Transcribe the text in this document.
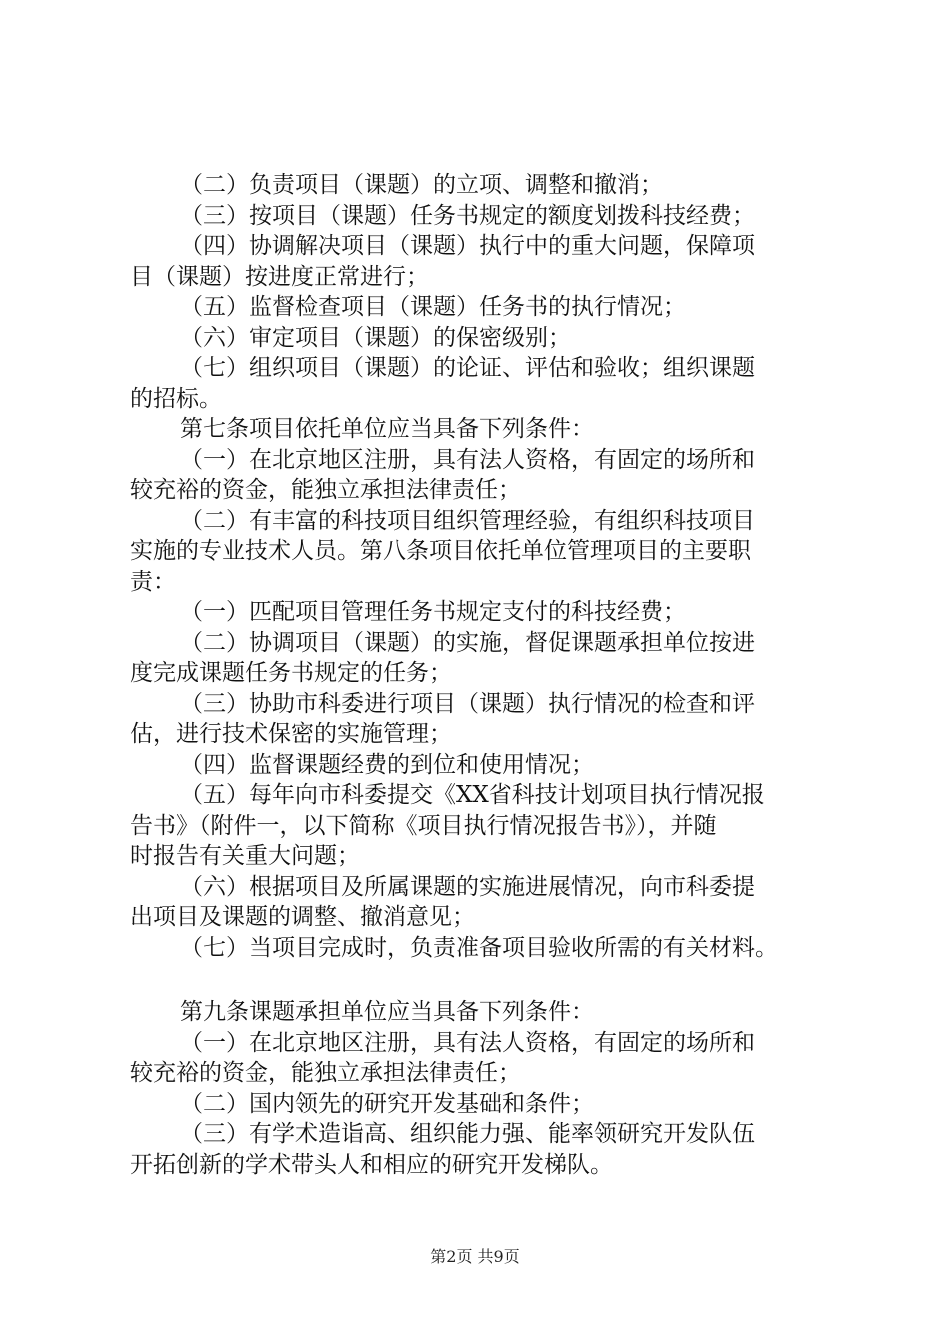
（二）负责项目（课题）的立项、调整和撤消；
（三）按项目（课题）任务书规定的额度划拨科技经费；
（四）协调解决项目（课题）执行中的重大问题，保障项
目（课题）按进度正常进行；
（五）监督检查项目（课题）任务书的执行情况；
（六）审定项目（课题）的保密级别；
（七）组织项目（课题）的论证、评估和验收；组织课题
的招标。
第七条项目依托单位应当具备下列条件：
（一）在北京地区注册，具有法人资格，有固定的场所和
较充裕的资金，能独立承担法律责任；
（二）有丰富的科技项目组织管理经验，有组织科技项目
实施的专业技术人员。第八条项目依托单位管理项目的主要职
责：
（一）匹配项目管理任务书规定支付的科技经费；
（二）协调项目（课题）的实施，督促课题承担单位按进
度完成课题任务书规定的任务；
（三）协助市科委进行项目（课题）执行情况的检查和评
估，进行技术保密的实施管理；
（四）监督课题经费的到位和使用情况；
（五）每年向市科委提交《XX省科技计划项目执行情况报
告书》（附件一，以下简称《项目执行情况报告书》），并随
时报告有关重大问题；
（六）根据项目及所属课题的实施进展情况，向市科委提
出项目及课题的调整、撤消意见；
（七）当项目完成时，负责准备项目验收所需的有关材料。
第九条课题承担单位应当具备下列条件：
（一）在北京地区注册，具有法人资格，有固定的场所和
较充裕的资金，能独立承担法律责任；
（二）国内领先的研究开发基础和条件；
（三）有学术造诣高、组织能力强、能率领研究开发队伍
开拓创新的学术带头人和相应的研究开发梯队。
第2页 共9页
